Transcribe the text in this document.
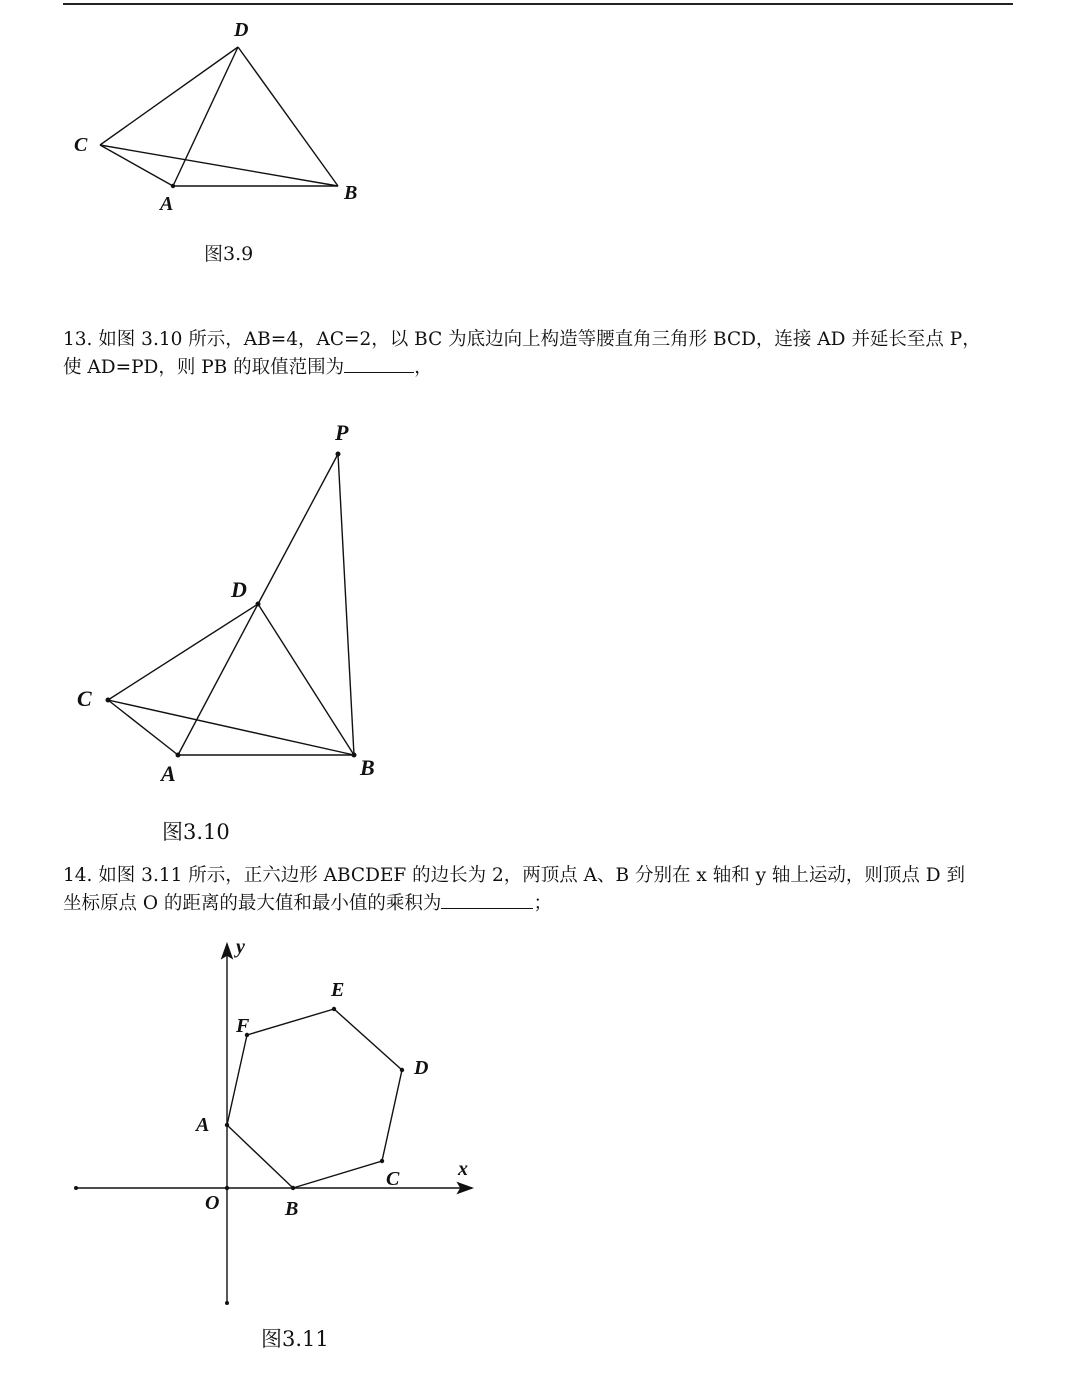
D
C
A	B
图3.9

13. 如图 3.10 所示，AB=4，AC=2，以 BC 为底边向上构造等腰直角三角形 BCD，连接 AD 并延长至点 P，

使 AD=PD，则 PB 的取值范围为	，

P
D
C
A	B
图3.10

14. 如图 3.11 所示，正六边形 ABCDEF 的边长为 2，两顶点 A、B 分别在 x 轴和 y 轴上运动，则顶点 D 到

坐标原点 O 的距离的最大值和最小值的乘积为	；

y
x
O
A
B
C
D
E
F
图3.11
